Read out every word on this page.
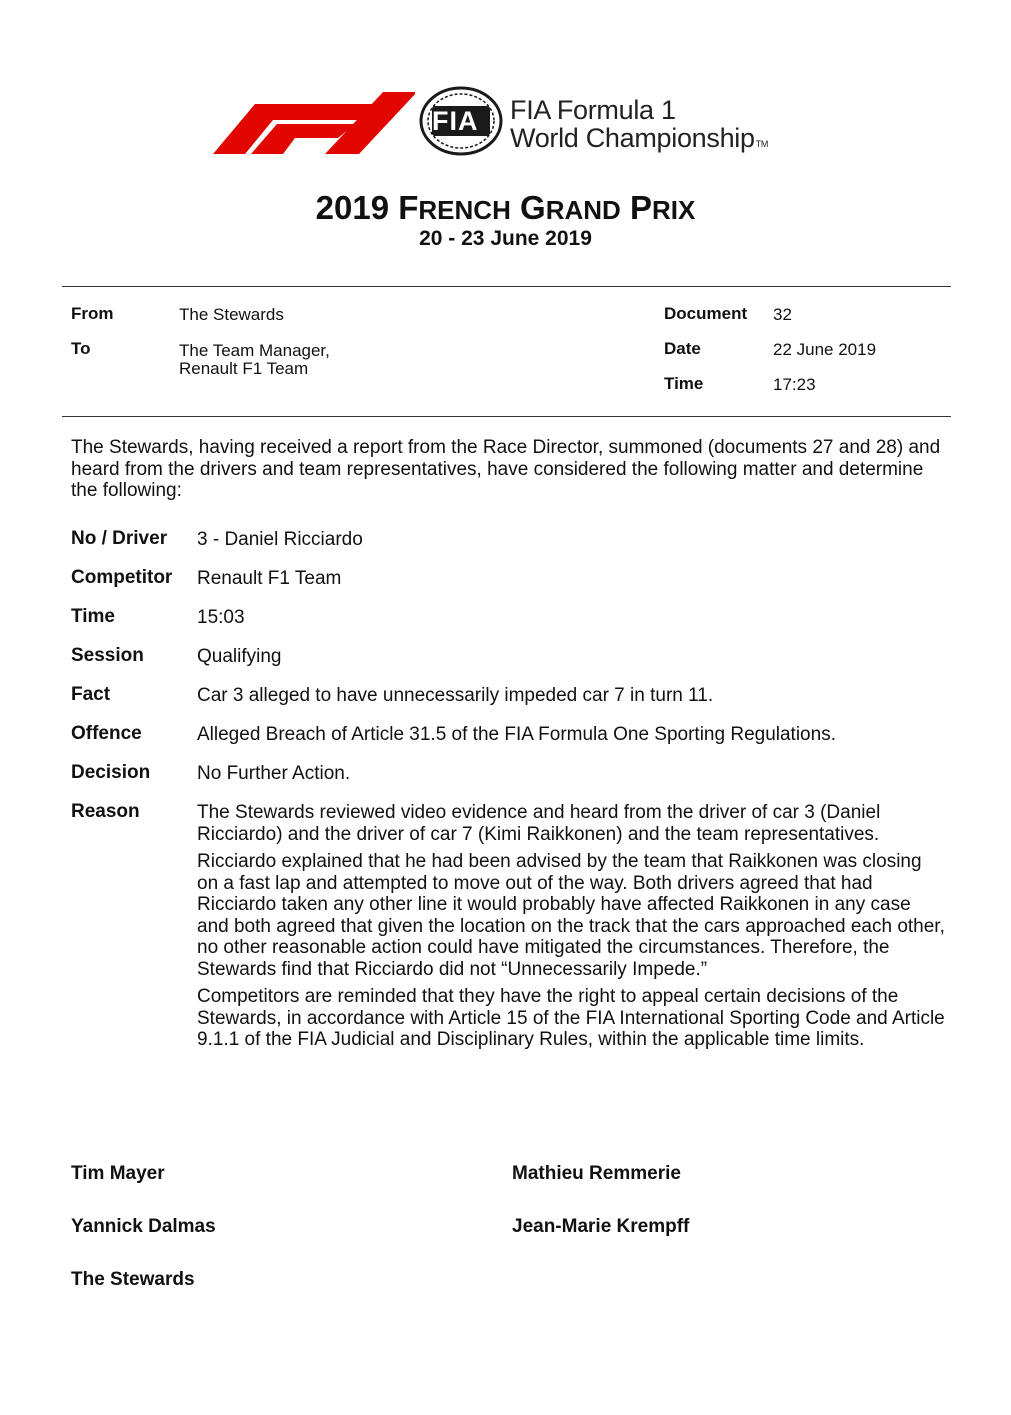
FIA FIA Formula 1
World ChampionshipTM
2019 FRENCH GRAND PRIX
20 - 23 June 2019
From	The Stewards
To	The Team Manager,
Renault F1 Team
Document 32
Date	22 June 2019
Time	17:23
The Stewards, having received a report from the Race Director, summoned (documents 27 and 28) and heard from the drivers and team representatives, have considered the following matter and determine the following:
No / Driver 3 - Daniel Ricciardo
Competitor Renault F1 Team
Time	15:03
Session	Qualifying
Fact	Car 3 alleged to have unnecessarily impeded car 7 in turn 11.
Offence	Alleged Breach of Article 31.5 of the FIA Formula One Sporting Regulations.
Decision No Further Action.
Reason	The Stewards reviewed video evidence and heard from the driver of car 3 (Daniel Ricciardo) and the driver of car 7 (Kimi Raikkonen) and the team representatives.

Ricciardo explained that he had been advised by the team that Raikkonen was closing on a fast lap and attempted to move out of the way. Both drivers agreed that had Ricciardo taken any other line it would probably have affected Raikkonen in any case and both agreed that given the location on the track that the cars approached each other, no other reasonable action could have mitigated the circumstances. Therefore, the Stewards find that Ricciardo did not “Unnecessarily Impede.”

Competitors are reminded that they have the right to appeal certain decisions of the Stewards, in accordance with Article 15 of the FIA International Sporting Code and Article 9.1.1 of the FIA Judicial and Disciplinary Rules, within the applicable time limits.

Tim Mayer	Mathieu Remmerie
Yannick Dalmas	Jean-Marie Krempff
The Stewards
